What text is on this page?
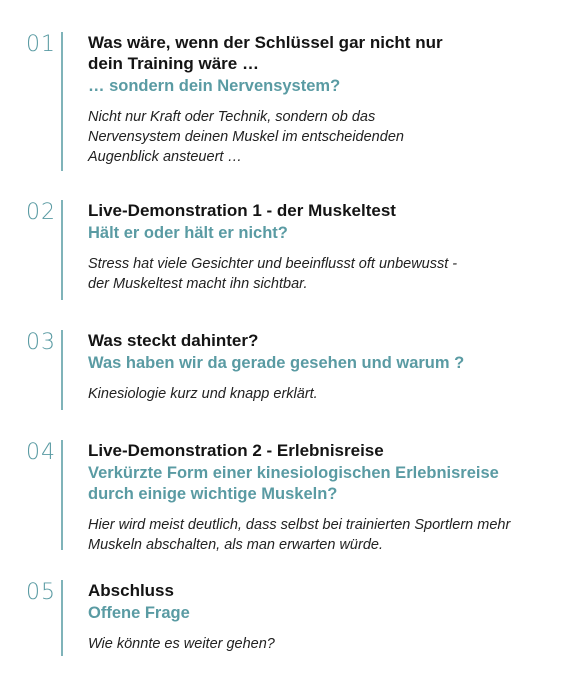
01 Was wäre, wenn der Schlüssel gar nicht nur dein Training wäre …

… sondern dein Nervensystem?

Nicht nur Kraft oder Technik, sondern ob das Nervensystem deinen Muskel im entscheidenden Augenblick ansteuert …

02 Live-Demonstration 1 - der Muskeltest

Hält er oder hält er nicht?

Stress hat viele Gesichter und beeinflusst oft unbewusst - der Muskeltest macht ihn sichtbar.

03 Was steckt dahinter?

Was haben wir da gerade gesehen und warum ?

Kinesiologie kurz und knapp erklärt.

04 Live-Demonstration 2 - Erlebnisreise

Verkürzte Form einer kinesiologischen Erlebnisreise durch einige wichtige Muskeln?

Hier wird meist deutlich, dass selbst bei trainierten Sportlern mehr Muskeln abschalten, als man erwarten würde.

05 Abschluss

Offene Frage

Wie könnte es weiter gehen?
